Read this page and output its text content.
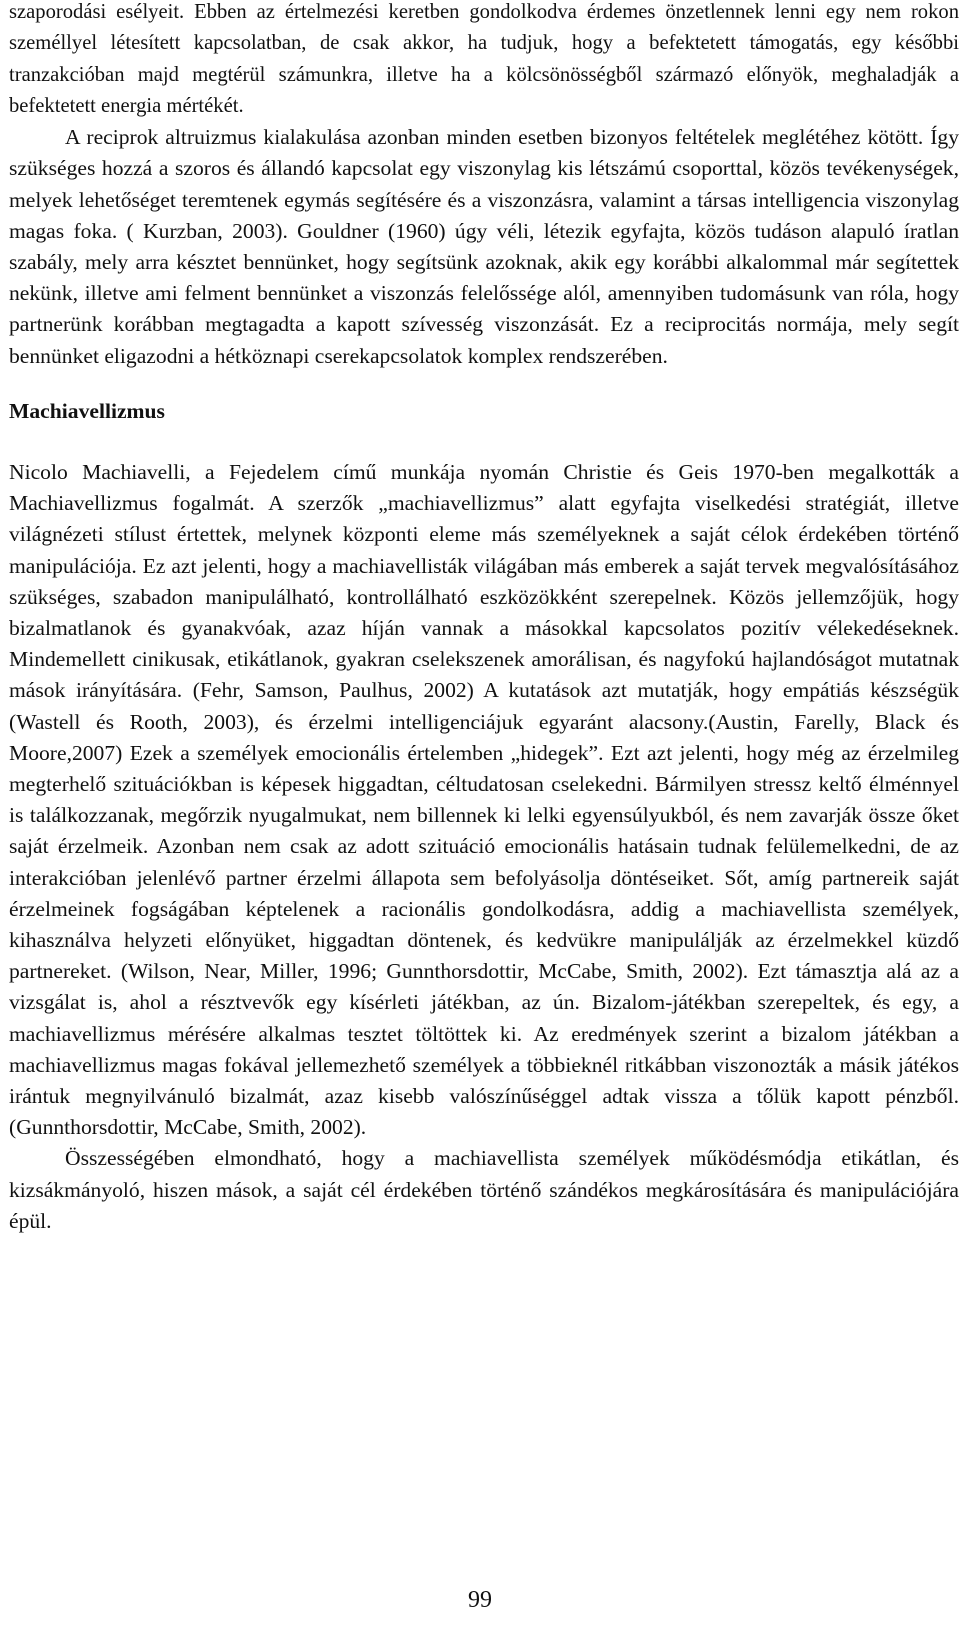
szaporodási esélyeit. Ebben az értelmezési keretben gondolkodva érdemes önzetlennek lenni egy nem rokon személlyel létesített kapcsolatban, de csak akkor, ha tudjuk, hogy a befektetett támogatás, egy későbbi tranzakcióban majd megtérül számunkra, illetve ha a kölcsönösségből származó előnyök, meghaladják a befektetett energia mértékét.

A reciprok altruizmus kialakulása azonban minden esetben bizonyos feltételek meglétéhez kötött. Így szükséges hozzá a szoros és állandó kapcsolat egy viszonylag kis létszámú csoporttal, közös tevékenységek, melyek lehetőséget teremtenek egymás segítésére és a viszonzásra, valamint a társas intelligencia viszonylag magas foka. ( Kurzban, 2003). Gouldner (1960) úgy véli, létezik egyfajta, közös tudáson alapuló íratlan szabály, mely arra késztet bennünket, hogy segítsünk azoknak, akik egy korábbi alkalommal már segítettek nekünk, illetve ami felment bennünket a viszonzás felelőssége alól, amennyiben tudomásunk van róla, hogy partnerünk korábban megtagadta a kapott szívesség viszonzását. Ez a reciprocitás normája, mely segít bennünket eligazodni a hétköznapi cserekapcsolatok komplex rendszerében.

Machiavellizmus

Nicolo Machiavelli, a Fejedelem című munkája nyomán Christie és Geis 1970-ben megalkották a Machiavellizmus fogalmát. A szerzők „machiavellizmus” alatt egyfajta viselkedési stratégiát, illetve világnézeti stílust értettek, melynek központi eleme más személyeknek a saját célok érdekében történő manipulációja. Ez azt jelenti, hogy a machiavellisták világában más emberek a saját tervek megvalósításához szükséges, szabadon manipulálható, kontrollálható eszközökként szerepelnek. Közös jellemzőjük, hogy bizalmatlanok és gyanakvóak, azaz híján vannak a másokkal kapcsolatos pozitív vélekedéseknek. Mindemellett cinikusak, etikátlanok, gyakran cselekszenek amorálisan, és nagyfokú hajlandóságot mutatnak mások irányítására. (Fehr, Samson, Paulhus, 2002) A kutatások azt mutatják, hogy empátiás készségük (Wastell és Rooth, 2003), és érzelmi intelligenciájuk egyaránt alacsony.(Austin, Farelly, Black és Moore,2007) Ezek a személyek emocionális értelemben „hidegek”. Ezt azt jelenti, hogy még az érzelmileg megterhelő szituációkban is képesek higgadtan, céltudatosan cselekedni. Bármilyen stressz keltő élménnyel is találkozzanak, megőrzik nyugalmukat, nem billennek ki lelki egyensúlyukból, és nem zavarják össze őket saját érzelmeik. Azonban nem csak az adott szituáció emocionális hatásain tudnak felülemelkedni, de az interakcióban jelenlévő partner érzelmi állapota sem befolyásolja döntéseiket. Sőt, amíg partnereik saját érzelmeinek fogságában képtelenek a racionális gondolkodásra, addig a machiavellista személyek, kihasználva helyzeti előnyüket, higgadtan döntenek, és kedvükre manipulálják az érzelmekkel küzdő partnereket. (Wilson, Near, Miller, 1996; Gunnthorsdottir, McCabe, Smith, 2002). Ezt támasztja alá az a vizsgálat is, ahol a résztvevők egy kísérleti játékban, az ún. Bizalom-játékban szerepeltek, és egy, a machiavellizmus mérésére alkalmas tesztet töltöttek ki. Az eredmények szerint a bizalom játékban a machiavellizmus magas fokával jellemezhető személyek a többieknél ritkábban viszonozták a másik játékos irántuk megnyilvánuló bizalmát, azaz kisebb valószínűséggel adtak vissza a tőlük kapott pénzből. (Gunnthorsdottir, McCabe, Smith, 2002).

Összességében elmondható, hogy a machiavellista személyek működésmódja etikátlan, és kizsákmányoló, hiszen mások, a saját cél érdekében történő szándékos megkárosítására és manipulációjára épül.

99
